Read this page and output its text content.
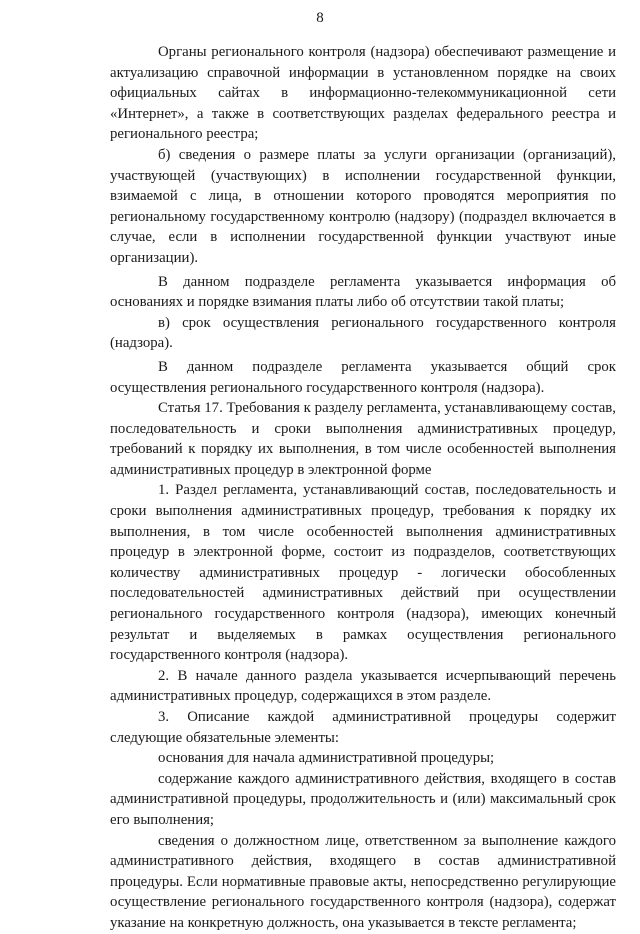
8

Органы регионального контроля (надзора) обеспечивают размещение и актуализацию справочной информации в установленном порядке на своих официальных сайтах в информационно-телекоммуникационной сети «Интернет», а также в соответствующих разделах федерального реестра и регионального реестра;

б) сведения о размере платы за услуги организации (организаций), участвующей (участвующих) в исполнении государственной функции, взимаемой с лица, в отношении которого проводятся мероприятия по региональному государственному контролю (надзору) (подраздел включается в случае, если в исполнении государственной функции участвуют иные организации).

В данном подразделе регламента указывается информация об основаниях и порядке взимания платы либо об отсутствии такой платы;

в) срок осуществления регионального государственного контроля (надзора).

В данном подразделе регламента указывается общий срок осуществления регионального государственного контроля (надзора).

Статья 17. Требования к разделу регламента, устанавливающему состав, последовательность и сроки выполнения административных процедур, требований к порядку их выполнения, в том числе особенностей выполнения административных процедур в электронной форме

1. Раздел регламента, устанавливающий состав, последовательность и сроки выполнения административных процедур, требования к порядку их выполнения, в том числе особенностей выполнения административных процедур в электронной форме, состоит из подразделов, соответствующих количеству административных процедур - логически обособленных последовательностей административных действий при осуществлении регионального государственного контроля (надзора), имеющих конечный результат и выделяемых в рамках осуществления регионального государственного контроля (надзора).

2. В начале данного раздела указывается исчерпывающий перечень административных процедур, содержащихся в этом разделе.

3. Описание каждой административной процедуры содержит следующие обязательные элементы:

основания для начала административной процедуры;

содержание каждого административного действия, входящего в состав административной процедуры, продолжительность и (или) максимальный срок его выполнения;

сведения о должностном лице, ответственном за выполнение каждого административного действия, входящего в состав административной процедуры. Если нормативные правовые акты, непосредственно регулирующие осуществление регионального государственного контроля (надзора), содержат указание на конкретную должность, она указывается в тексте регламента;
